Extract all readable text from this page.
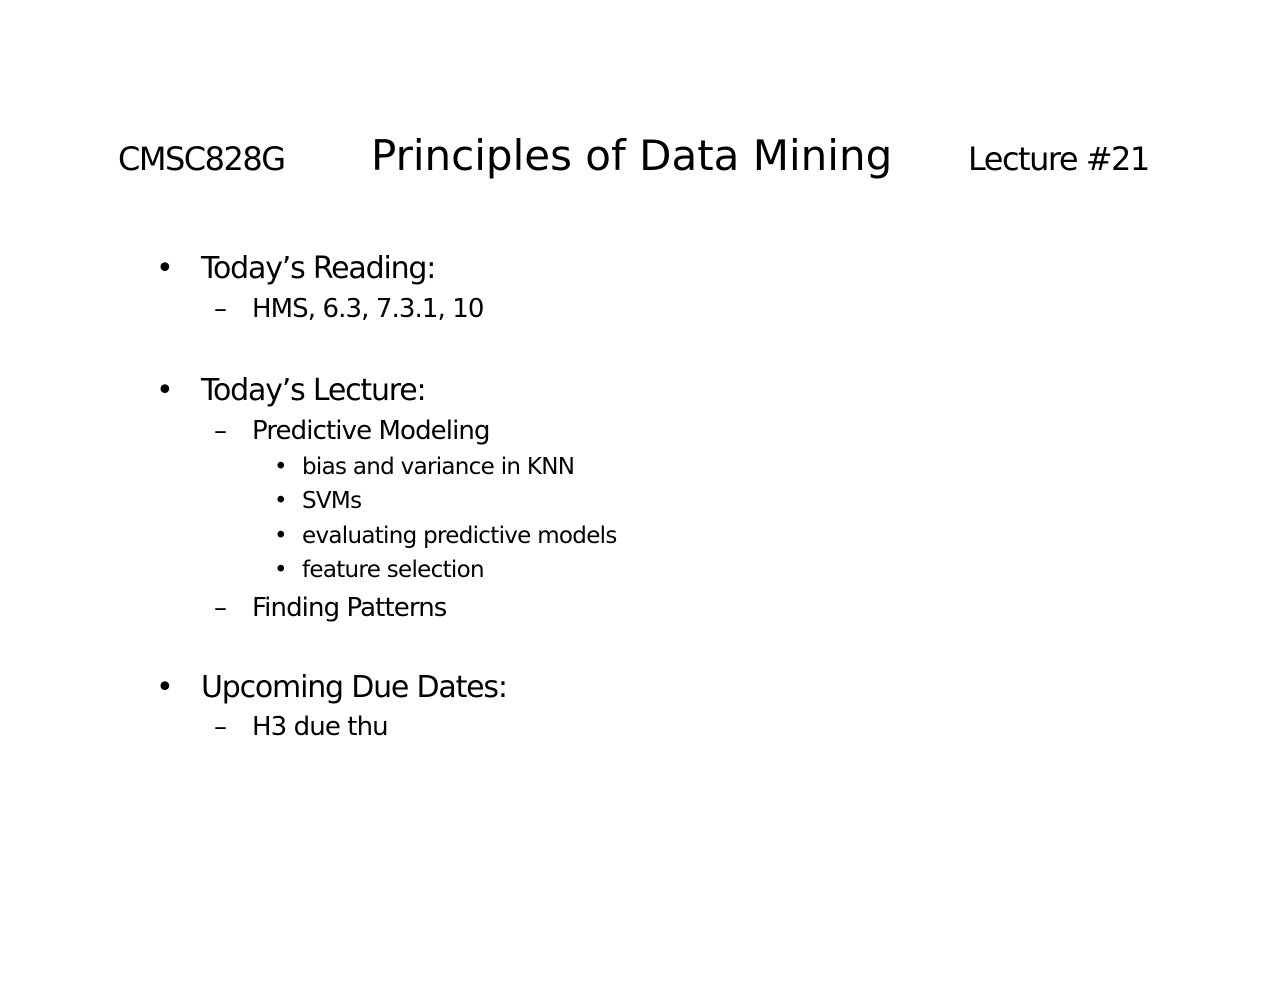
CMSC828G Principles of Data Mining Lecture #21
• Today’s Reading:
– HMS, 6.3, 7.3.1, 10
• Today’s Lecture:
– Predictive Modeling
• bias and variance in KNN
• SVMs
• evaluating predictive models
• feature selection
– Finding Patterns
• Upcoming Due Dates:
– H3 due thu
